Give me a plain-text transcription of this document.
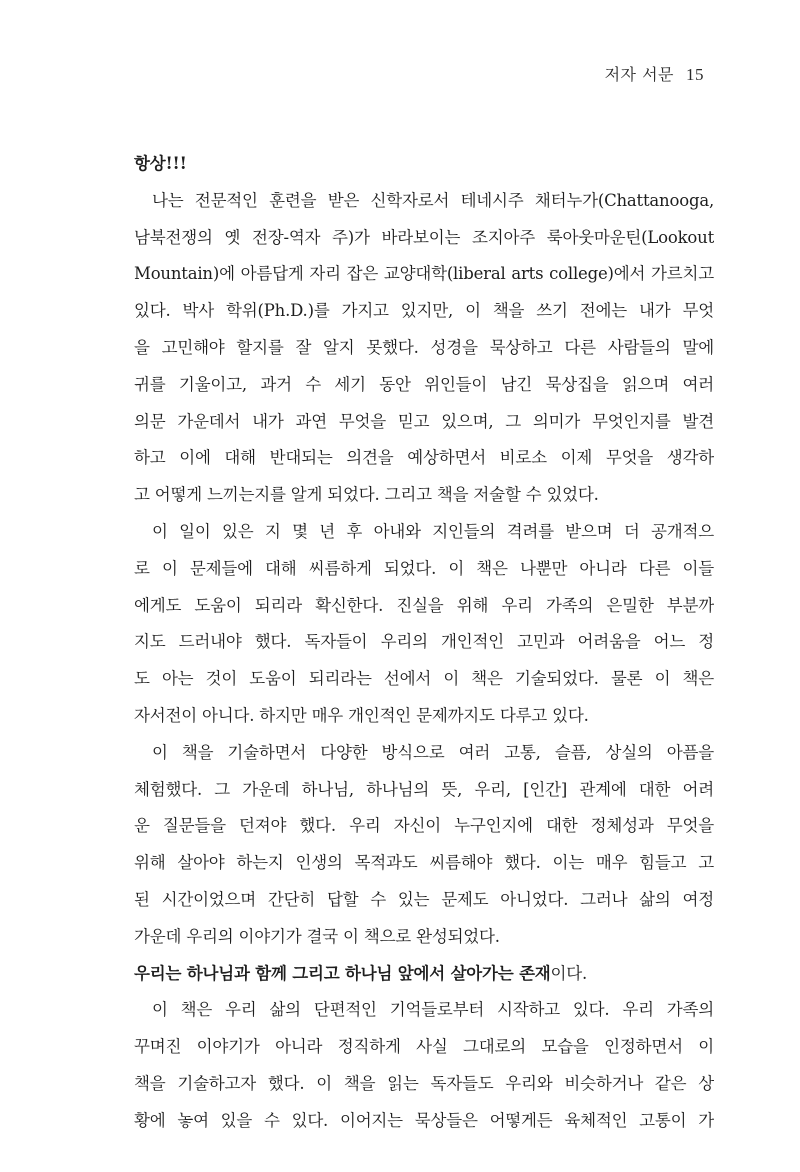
저자 서문 15
항상!!!
나는 전문적인 훈련을 받은 신학자로서 테네시주 채터누가(Chattanooga,
남북전쟁의 옛 전장-역자 주)가 바라보이는 조지아주 룩아웃마운틴(Lookout
Mountain)에 아름답게 자리 잡은 교양대학(liberal arts college)에서 가르치고
있다. 박사 학위(Ph.D.)를 가지고 있지만, 이 책을 쓰기 전에는 내가 무엇
을 고민해야 할지를 잘 알지 못했다. 성경을 묵상하고 다른 사람들의 말에
귀를 기울이고, 과거 수 세기 동안 위인들이 남긴 묵상집을 읽으며 여러
의문 가운데서 내가 과연 무엇을 믿고 있으며, 그 의미가 무엇인지를 발견
하고 이에 대해 반대되는 의견을 예상하면서 비로소 이제 무엇을 생각하
고 어떻게 느끼는지를 알게 되었다. 그리고 책을 저술할 수 있었다.
이 일이 있은 지 몇 년 후 아내와 지인들의 격려를 받으며 더 공개적으
로 이 문제들에 대해 씨름하게 되었다. 이 책은 나뿐만 아니라 다른 이들
에게도 도움이 되리라 확신한다. 진실을 위해 우리 가족의 은밀한 부분까
지도 드러내야 했다. 독자들이 우리의 개인적인 고민과 어려움을 어느 정
도 아는 것이 도움이 되리라는 선에서 이 책은 기술되었다. 물론 이 책은
자서전이 아니다. 하지만 매우 개인적인 문제까지도 다루고 있다.
이 책을 기술하면서 다양한 방식으로 여러 고통, 슬픔, 상실의 아픔을
체험했다. 그 가운데 하나님, 하나님의 뜻, 우리, [인간] 관계에 대한 어려
운 질문들을 던져야 했다. 우리 자신이 누구인지에 대한 정체성과 무엇을
위해 살아야 하는지 인생의 목적과도 씨름해야 했다. 이는 매우 힘들고 고
된 시간이었으며 간단히 답할 수 있는 문제도 아니었다. 그러나 삶의 여정
가운데 우리의 이야기가 결국 이 책으로 완성되었다.
우리는 하나님과 함께 그리고 하나님 앞에서 살아가는 존재이다.
이 책은 우리 삶의 단편적인 기억들로부터 시작하고 있다. 우리 가족의
꾸며진 이야기가 아니라 정직하게 사실 그대로의 모습을 인정하면서 이
책을 기술하고자 했다. 이 책을 읽는 독자들도 우리와 비슷하거나 같은 상
황에 놓여 있을 수 있다. 이어지는 묵상들은 어떻게든 육체적인 고통이 가
